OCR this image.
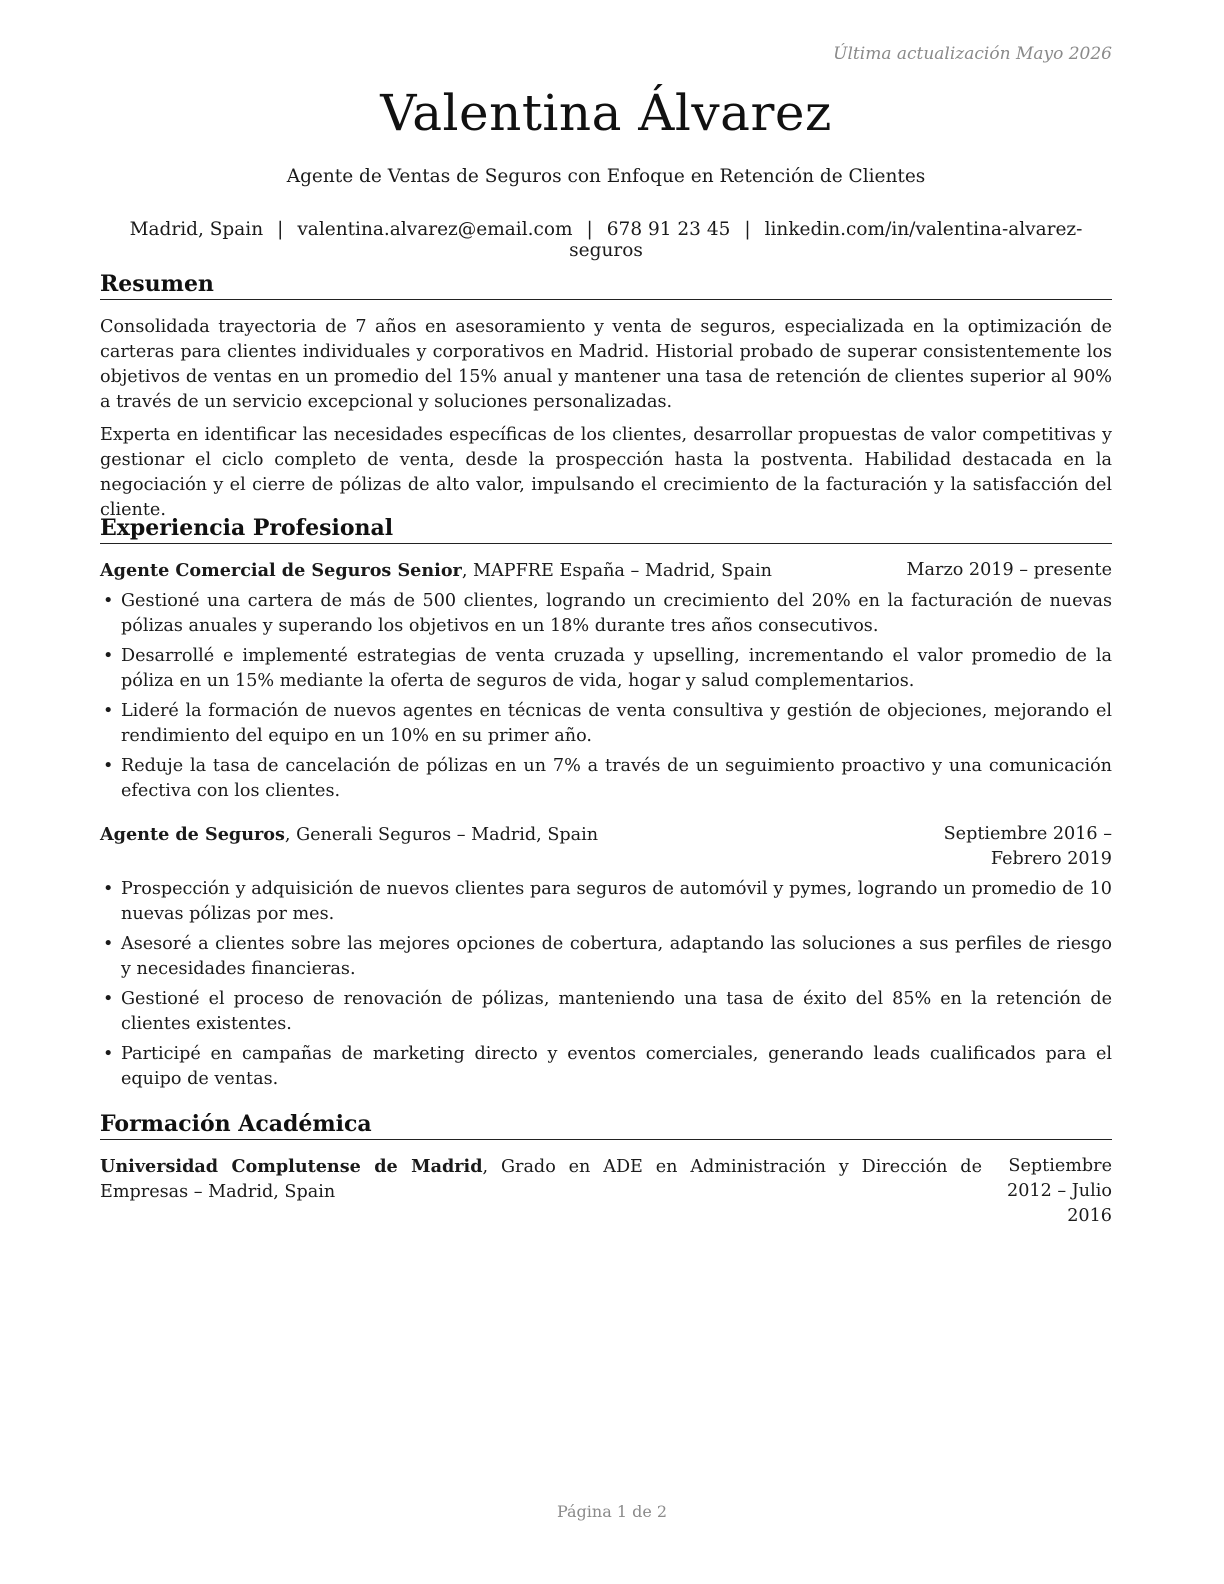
Última actualización Mayo 2026
Valentina Álvarez
Agente de Ventas de Seguros con Enfoque en Retención de Clientes
Madrid, Spain | valentina.alvarez@email.com | 678 91 23 45 | linkedin.com/in/valentina-alvarez-seguros
Resumen

Consolidada trayectoria de 7 años en asesoramiento y venta de seguros, especializada en la optimización de carteras para clientes individuales y corporativos en Madrid. Historial probado de superar consistentemente los objetivos de ventas en un promedio del 15% anual y mantener una tasa de retención de clientes superior al 90% a través de un servicio excepcional y soluciones personalizadas.

Experta en identificar las necesidades específicas de los clientes, desarrollar propuestas de valor competitivas y gestionar el ciclo completo de venta, desde la prospección hasta la postventa. Habilidad destacada en la negociación y el cierre de pólizas de alto valor, impulsando el crecimiento de la facturación y la satisfacción del cliente.

Experiencia Profesional
Agente Comercial de Seguros Senior, MAPFRE España – Madrid, Spain	Marzo 2019 – presente
• Gestioné una cartera de más de 500 clientes, logrando un crecimiento del 20% en la facturación de nuevas pólizas anuales y superando los objetivos en un 18% durante tres años consecutivos.
• Desarrollé e implementé estrategias de venta cruzada y upselling, incrementando el valor promedio de la póliza en un 15% mediante la oferta de seguros de vida, hogar y salud complementarios.
• Lideré la formación de nuevos agentes en técnicas de venta consultiva y gestión de objeciones, mejorando el rendimiento del equipo en un 10% en su primer año.
• Reduje la tasa de cancelación de pólizas en un 7% a través de un seguimiento proactivo y una comunicación efectiva con los clientes.
Agente de Seguros, Generali Seguros – Madrid, Spain	Septiembre 2016 – Febrero 2019
• Prospección y adquisición de nuevos clientes para seguros de automóvil y pymes, logrando un promedio de 10 nuevas pólizas por mes.
• Asesoré a clientes sobre las mejores opciones de cobertura, adaptando las soluciones a sus perfiles de riesgo y necesidades financieras.
• Gestioné el proceso de renovación de pólizas, manteniendo una tasa de éxito del 85% en la retención de clientes existentes.
• Participé en campañas de marketing directo y eventos comerciales, generando leads cualificados para el equipo de ventas.
Formación Académica
Universidad Complutense de Madrid, Grado en ADE en Administración y Dirección de Empresas – Madrid, Spain
Septiembre 2012 – Julio 2016
Página 1 de 2
